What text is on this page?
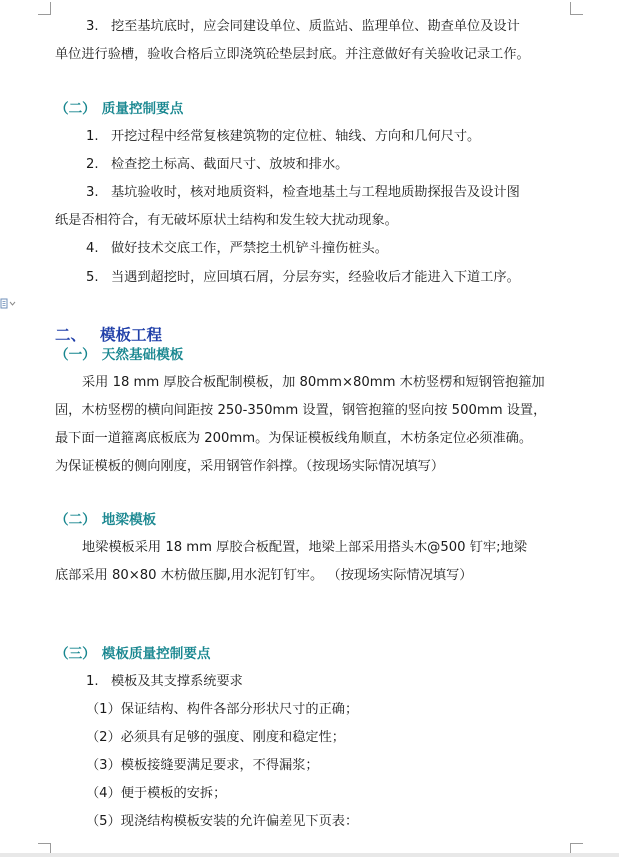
3. 挖至基坑底时，应会同建设单位、质监站、监理单位、勘查单位及设计
单位进行验槽，验收合格后立即浇筑砼垫层封底。并注意做好有关验收记录工作。
（二） 质量控制要点
1. 开挖过程中经常复核建筑物的定位桩、轴线、方向和几何尺寸。
2. 检查挖土标高、截面尺寸、放坡和排水。
3. 基坑验收时，核对地质资料，检查地基土与工程地质勘探报告及设计图
纸是否相符合，有无破坏原状土结构和发生较大扰动现象。
4. 做好技术交底工作，严禁挖土机铲斗撞伤桩头。
5. 当遇到超挖时，应回填石屑，分层夯实，经验收后才能进入下道工序。
二、 模板工程
（一） 天然基础模板
采用 18 mm 厚胶合板配制模板，加 80mm×80mm 木枋竖楞和短钢管抱箍加
固，木枋竖楞的横向间距按 250-350mm 设置，钢管抱箍的竖向按 500mm 设置，
最下面一道箍离底板底为 200mm。为保证模板线角顺直，木枋条定位必须准确。
为保证模板的侧向刚度，采用钢管作斜撑。（按现场实际情况填写）
（二） 地梁模板
地梁模板采用 18 mm 厚胶合板配置，地梁上部采用搭头木@500 钉牢;地梁
底部采用 80×80 木枋做压脚,用水泥钉钉牢。 （按现场实际情况填写）
（三） 模板质量控制要点
1. 模板及其支撑系统要求
（1）保证结构、构件各部分形状尺寸的正确；
（2）必须具有足够的强度、刚度和稳定性；
（3）模板接缝要满足要求，不得漏浆；
（4）便于模板的安拆；
（5）现浇结构模板安装的允许偏差见下页表：
